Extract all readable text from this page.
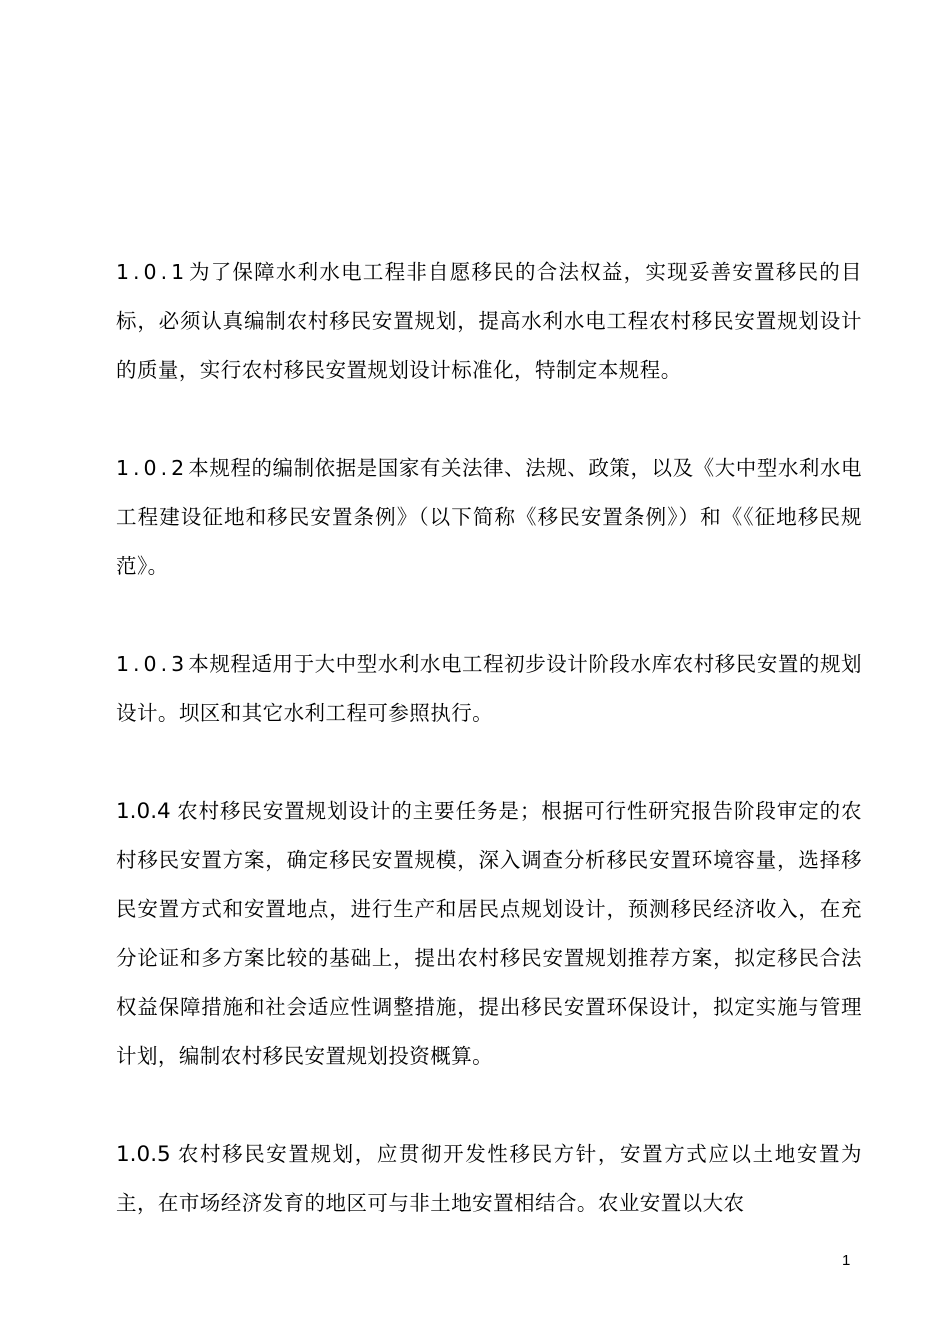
1.0.1为了保障水利水电工程非自愿移民的合法权益，实现妥善安置移民的目标，必须认真编制农村移民安置规划，提高水利水电工程农村移民安置规划设计的质量，实行农村移民安置规划设计标准化，特制定本规程。

1.0.2本规程的编制依据是国家有关法律、法规、政策，以及《大中型水利水电工程建设征地和移民安置条例》（以下简称《移民安置条例》）和《《征地移民规范》。

1.0.3本规程适用于大中型水利水电工程初步设计阶段水库农村移民安置的规划设计。坝区和其它水利工程可参照执行。

1.0.4 农村移民安置规划设计的主要任务是；根据可行性研究报告阶段审定的农村移民安置方案，确定移民安置规模，深入调查分析移民安置环境容量，选择移民安置方式和安置地点，进行生产和居民点规划设计，预测移民经济收入，在充分论证和多方案比较的基础上，提出农村移民安置规划推荐方案，拟定移民合法权益保障措施和社会适应性调整措施，提出移民安置环保设计，拟定实施与管理计划，编制农村移民安置规划投资概算。

1.0.5 农村移民安置规划，应贯彻开发性移民方针，安置方式应以土地安置为主，在市场经济发育的地区可与非土地安置相结合。农业安置以大农

1
